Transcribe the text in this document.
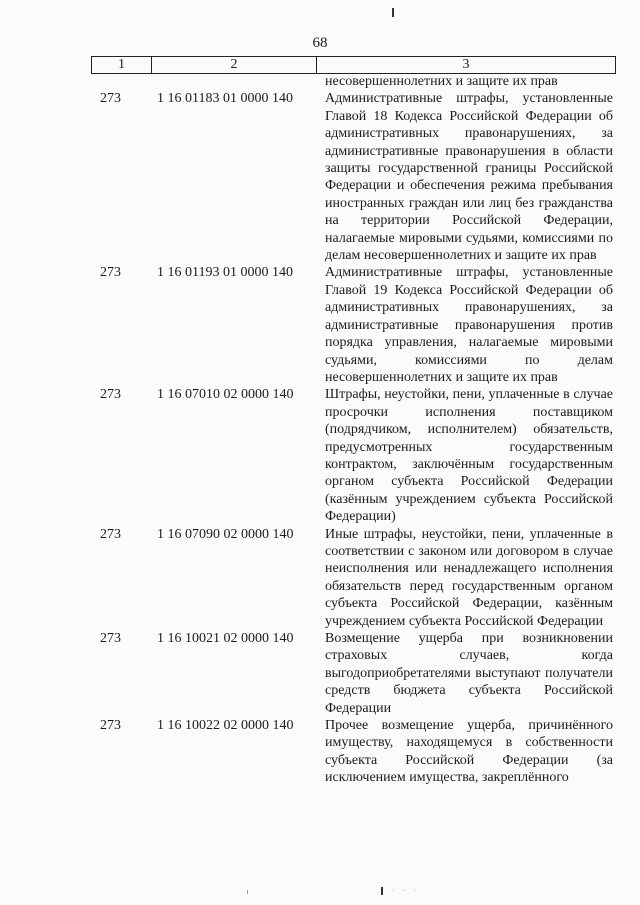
68
1	2	3
несовершеннолетних и защите их прав
273	1 16 01183 01 0000 140	Административные штрафы, установленные Главой 18 Кодекса Российской Федерации об административных правонарушениях, за административные правонарушения в области защиты государственной границы Российской Федерации и обеспечения режима пребывания иностранных граждан или лиц без гражданства на территории Российской Федерации, налагаемые мировыми судьями, комиссиями по делам несовершеннолетних и защите их прав
273	1 16 01193 01 0000 140	Административные штрафы, установленные Главой 19 Кодекса Российской Федерации об административных правонарушениях, за административные правонарушения против порядка управления, налагаемые мировыми судьями, комиссиями по делам несовершеннолетних и защите их прав
273	1 16 07010 02 0000 140	Штрафы, неустойки, пени, уплаченные в случае просрочки исполнения поставщиком (подрядчиком, исполнителем) обязательств, предусмотренных государственным контрактом, заключённым государственным органом субъекта Российской Федерации (казённым учреждением субъекта Российской Федерации)
273	1 16 07090 02 0000 140	Иные штрафы, неустойки, пени, уплаченные в соответствии с законом или договором в случае неисполнения или ненадлежащего исполнения обязательств перед государственным органом субъекта Российской Федерации, казённым учреждением субъекта Российской Федерации
273	1 16 10021 02 0000 140	Возмещение ущерба при возникновении страховых случаев, когда выгодоприобретателями выступают получатели средств бюджета субъекта Российской Федерации
273	1 16 10022 02 0000 140	Прочее возмещение ущерба, причинённого имуществу, находящемуся в собственности субъекта Российской Федерации (за исключением имущества, закреплённого
· · ·
